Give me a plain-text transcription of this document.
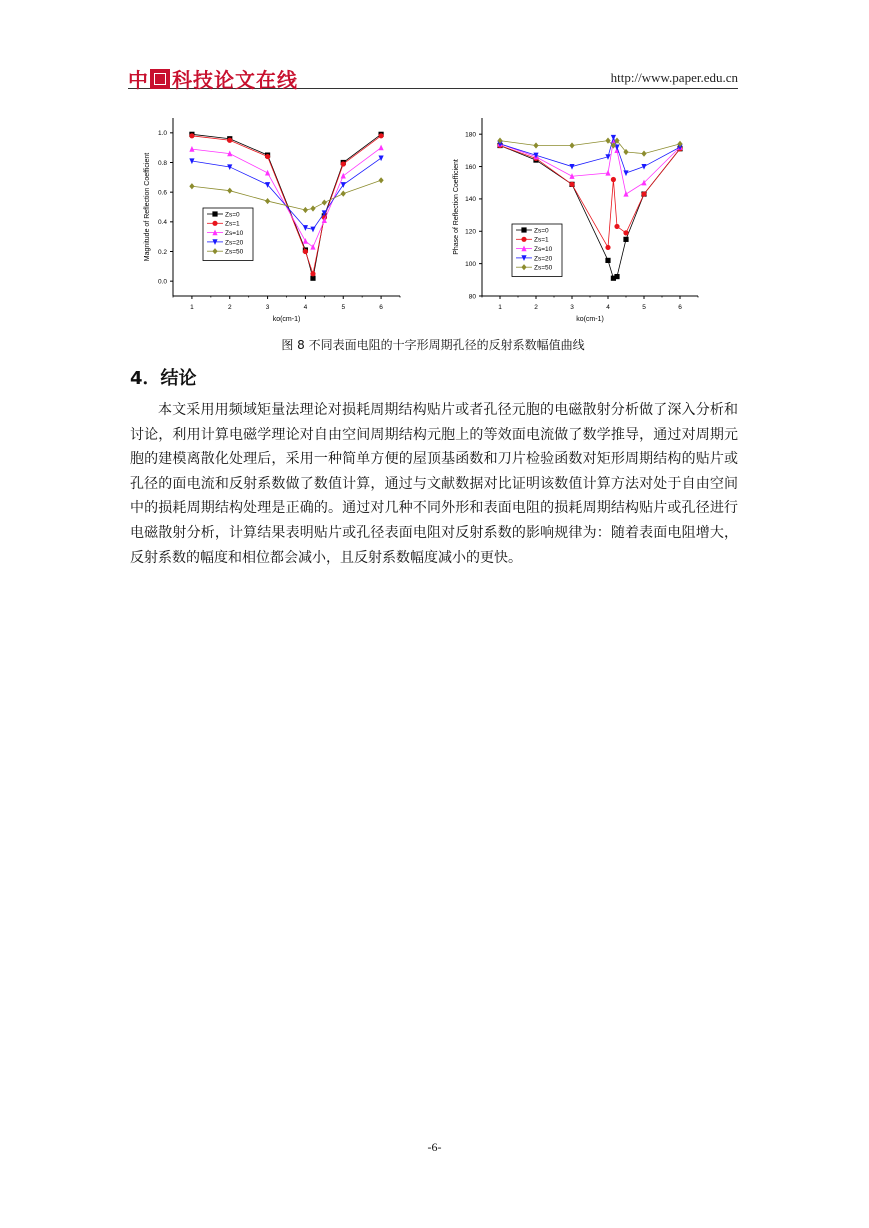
中 科技论文在线	http://www.paper.edu.cn
1	2	3	4	5	6
0.0
0.2
0.4
0.6
0.8
1.0
ko(cm-1)
Magnitude of Reflection Coefficient	Zs=0
Zs=1
Zs=10
Zs=20
Zs=50
1	2	3	4	5	6
80
100
120
140
160
180
ko(cm-1)
Phase of Reflection Coefficient	Zs=0
Zs=1
Zs=10
Zs=20
Zs=50
图 8 不同表面电阻的十字形周期孔径的反射系数幅值曲线
4．结论

本文采用用频域矩量法理论对损耗周期结构贴片或者孔径元胞的电磁散射分析做了深入分析和讨论，利用计算电磁学理论对自由空间周期结构元胞上的等效面电流做了数学推导，通过对周期元胞的建模离散化处理后，采用一种简单方便的屋顶基函数和刀片检验函数对矩形周期结构的贴片或孔径的面电流和反射系数做了数值计算，通过与文献数据对比证明该数值计算方法对处于自由空间中的损耗周期结构处理是正确的。通过对几种不同外形和表面电阻的损耗周期结构贴片或孔径进行电磁散射分析，计算结果表明贴片或孔径表面电阻对反射系数的影响规律为：随着表面电阻增大，反射系数的幅度和相位都会减小，且反射系数幅度减小的更快。

-6-
